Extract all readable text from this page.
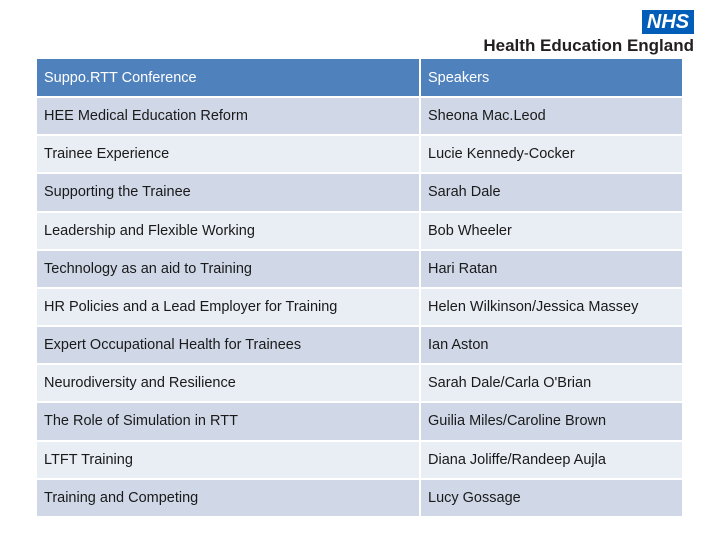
NHS
Health Education England
Suppo.RTT Conference	Speakers
HEE Medical Education Reform	Sheona Mac.Leod
Trainee Experience	Lucie Kennedy-Cocker
Supporting the Trainee	Sarah Dale
Leadership and Flexible Working	Bob Wheeler
Technology as an aid to Training	Hari Ratan
HR Policies and a Lead Employer for Training	Helen Wilkinson/Jessica Massey
Expert Occupational Health for Trainees	Ian Aston
Neurodiversity and Resilience	Sarah Dale/Carla O'Brian
The Role of Simulation in RTT	Guilia Miles/Caroline Brown
LTFT Training	Diana Joliffe/Randeep Aujla
Training and Competing	Lucy Gossage
